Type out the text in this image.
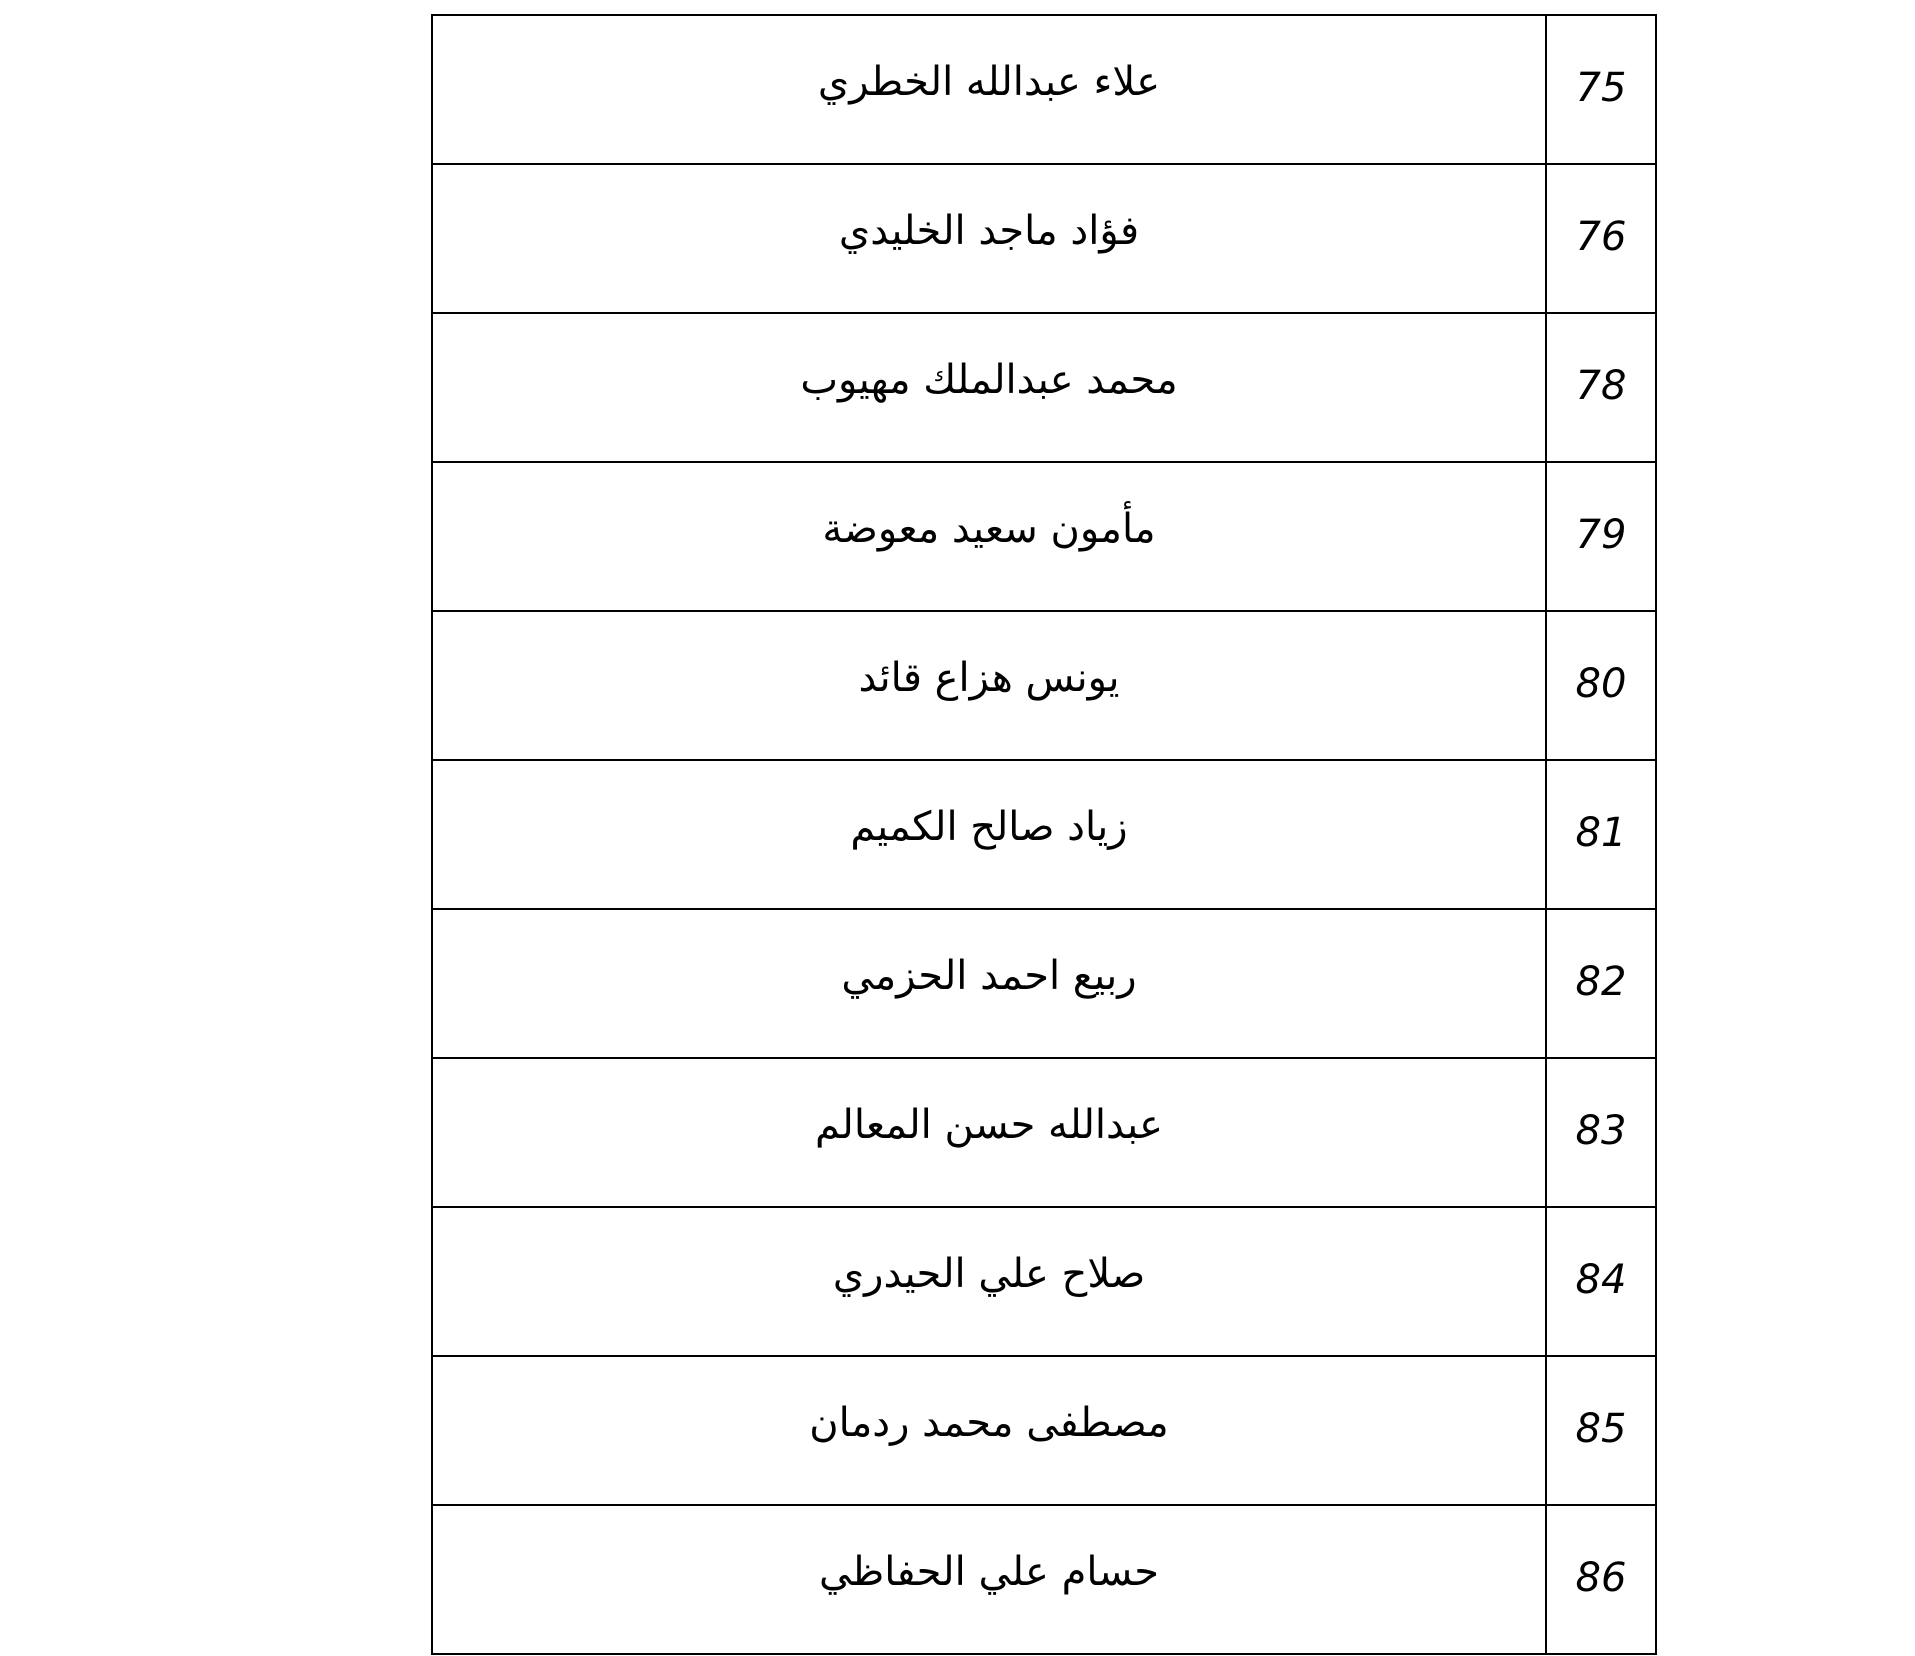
علاء عبدالله الخطري	75
فؤاد ماجد الخليدي	76
محمد عبدالملك مهيوب	78
مأمون سعيد معوضة	79
يونس هزاع قائد	80
زياد صالح الكميم	81
ربيع احمد الحزمي	82
عبدالله حسن المعالم	83
صلاح علي الحيدري	84
مصطفى محمد ردمان	85
حسام علي الحفاظي	86
